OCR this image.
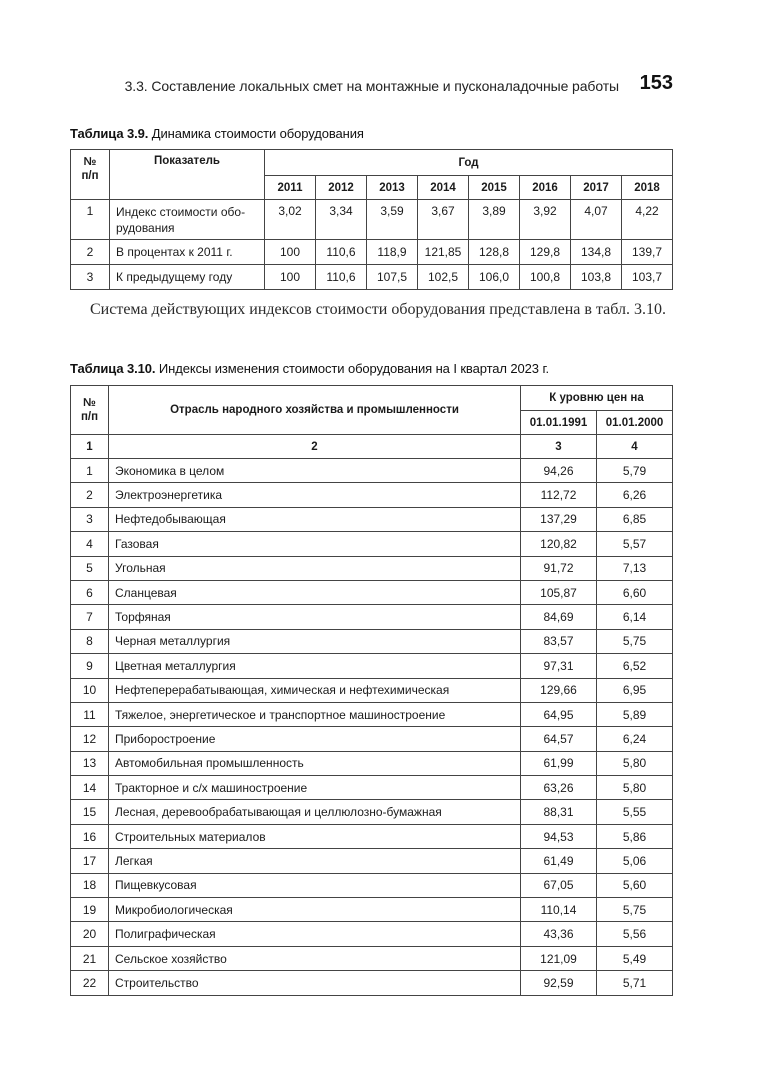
3.3. Составление локальных смет на монтажные и пусконаладочные работы 153
Таблица 3.9. Динамика стоимости оборудования
№ п/п	Показатель	Год							
		2011	2012	2013	2014	2015	2016	2017	2018
1	Индекс стоимости обо-рудования	3,02	3,34	3,59	3,67	3,89	3,92	4,07	4,22
2	В процентах к 2011 г.	100	110,6	118,9	121,85	128,8	129,8	134,8	139,7
3	К предыдущему году	100	110,6	107,5	102,5	106,0	100,8	103,8	103,7
Система действующих индексов стоимости оборудования представлена в табл. 3.10.
Таблица 3.10. Индексы изменения стоимости оборудования на I квартал 2023 г.
№ п/п	Отрасль народного хозяйства и промышленности	К уровню цен на	
		01.01.1991	01.01.2000
1	2	3	4
1	Экономика в целом	94,26	5,79
2	Электроэнергетика	112,72	6,26
3	Нефтедобывающая	137,29	6,85
4	Газовая	120,82	5,57
5	Угольная	91,72	7,13
6	Сланцевая	105,87	6,60
7	Торфяная	84,69	6,14
8	Черная металлургия	83,57	5,75
9	Цветная металлургия	97,31	6,52
10	Нефтеперерабатывающая, химическая и нефтехимическая	129,66	6,95
11	Тяжелое, энергетическое и транспортное машиностроение	64,95	5,89
12	Приборостроение	64,57	6,24
13	Автомобильная промышленность	61,99	5,80
14	Тракторное и с/х машиностроение	63,26	5,80
15	Лесная, деревообрабатывающая и целлюлозно-бумажная	88,31	5,55
16	Строительных материалов	94,53	5,86
17	Легкая	61,49	5,06
18	Пищевкусовая	67,05	5,60
19	Микробиологическая	110,14	5,75
20	Полиграфическая	43,36	5,56
21	Сельское хозяйство	121,09	5,49
22	Строительство	92,59	5,71
